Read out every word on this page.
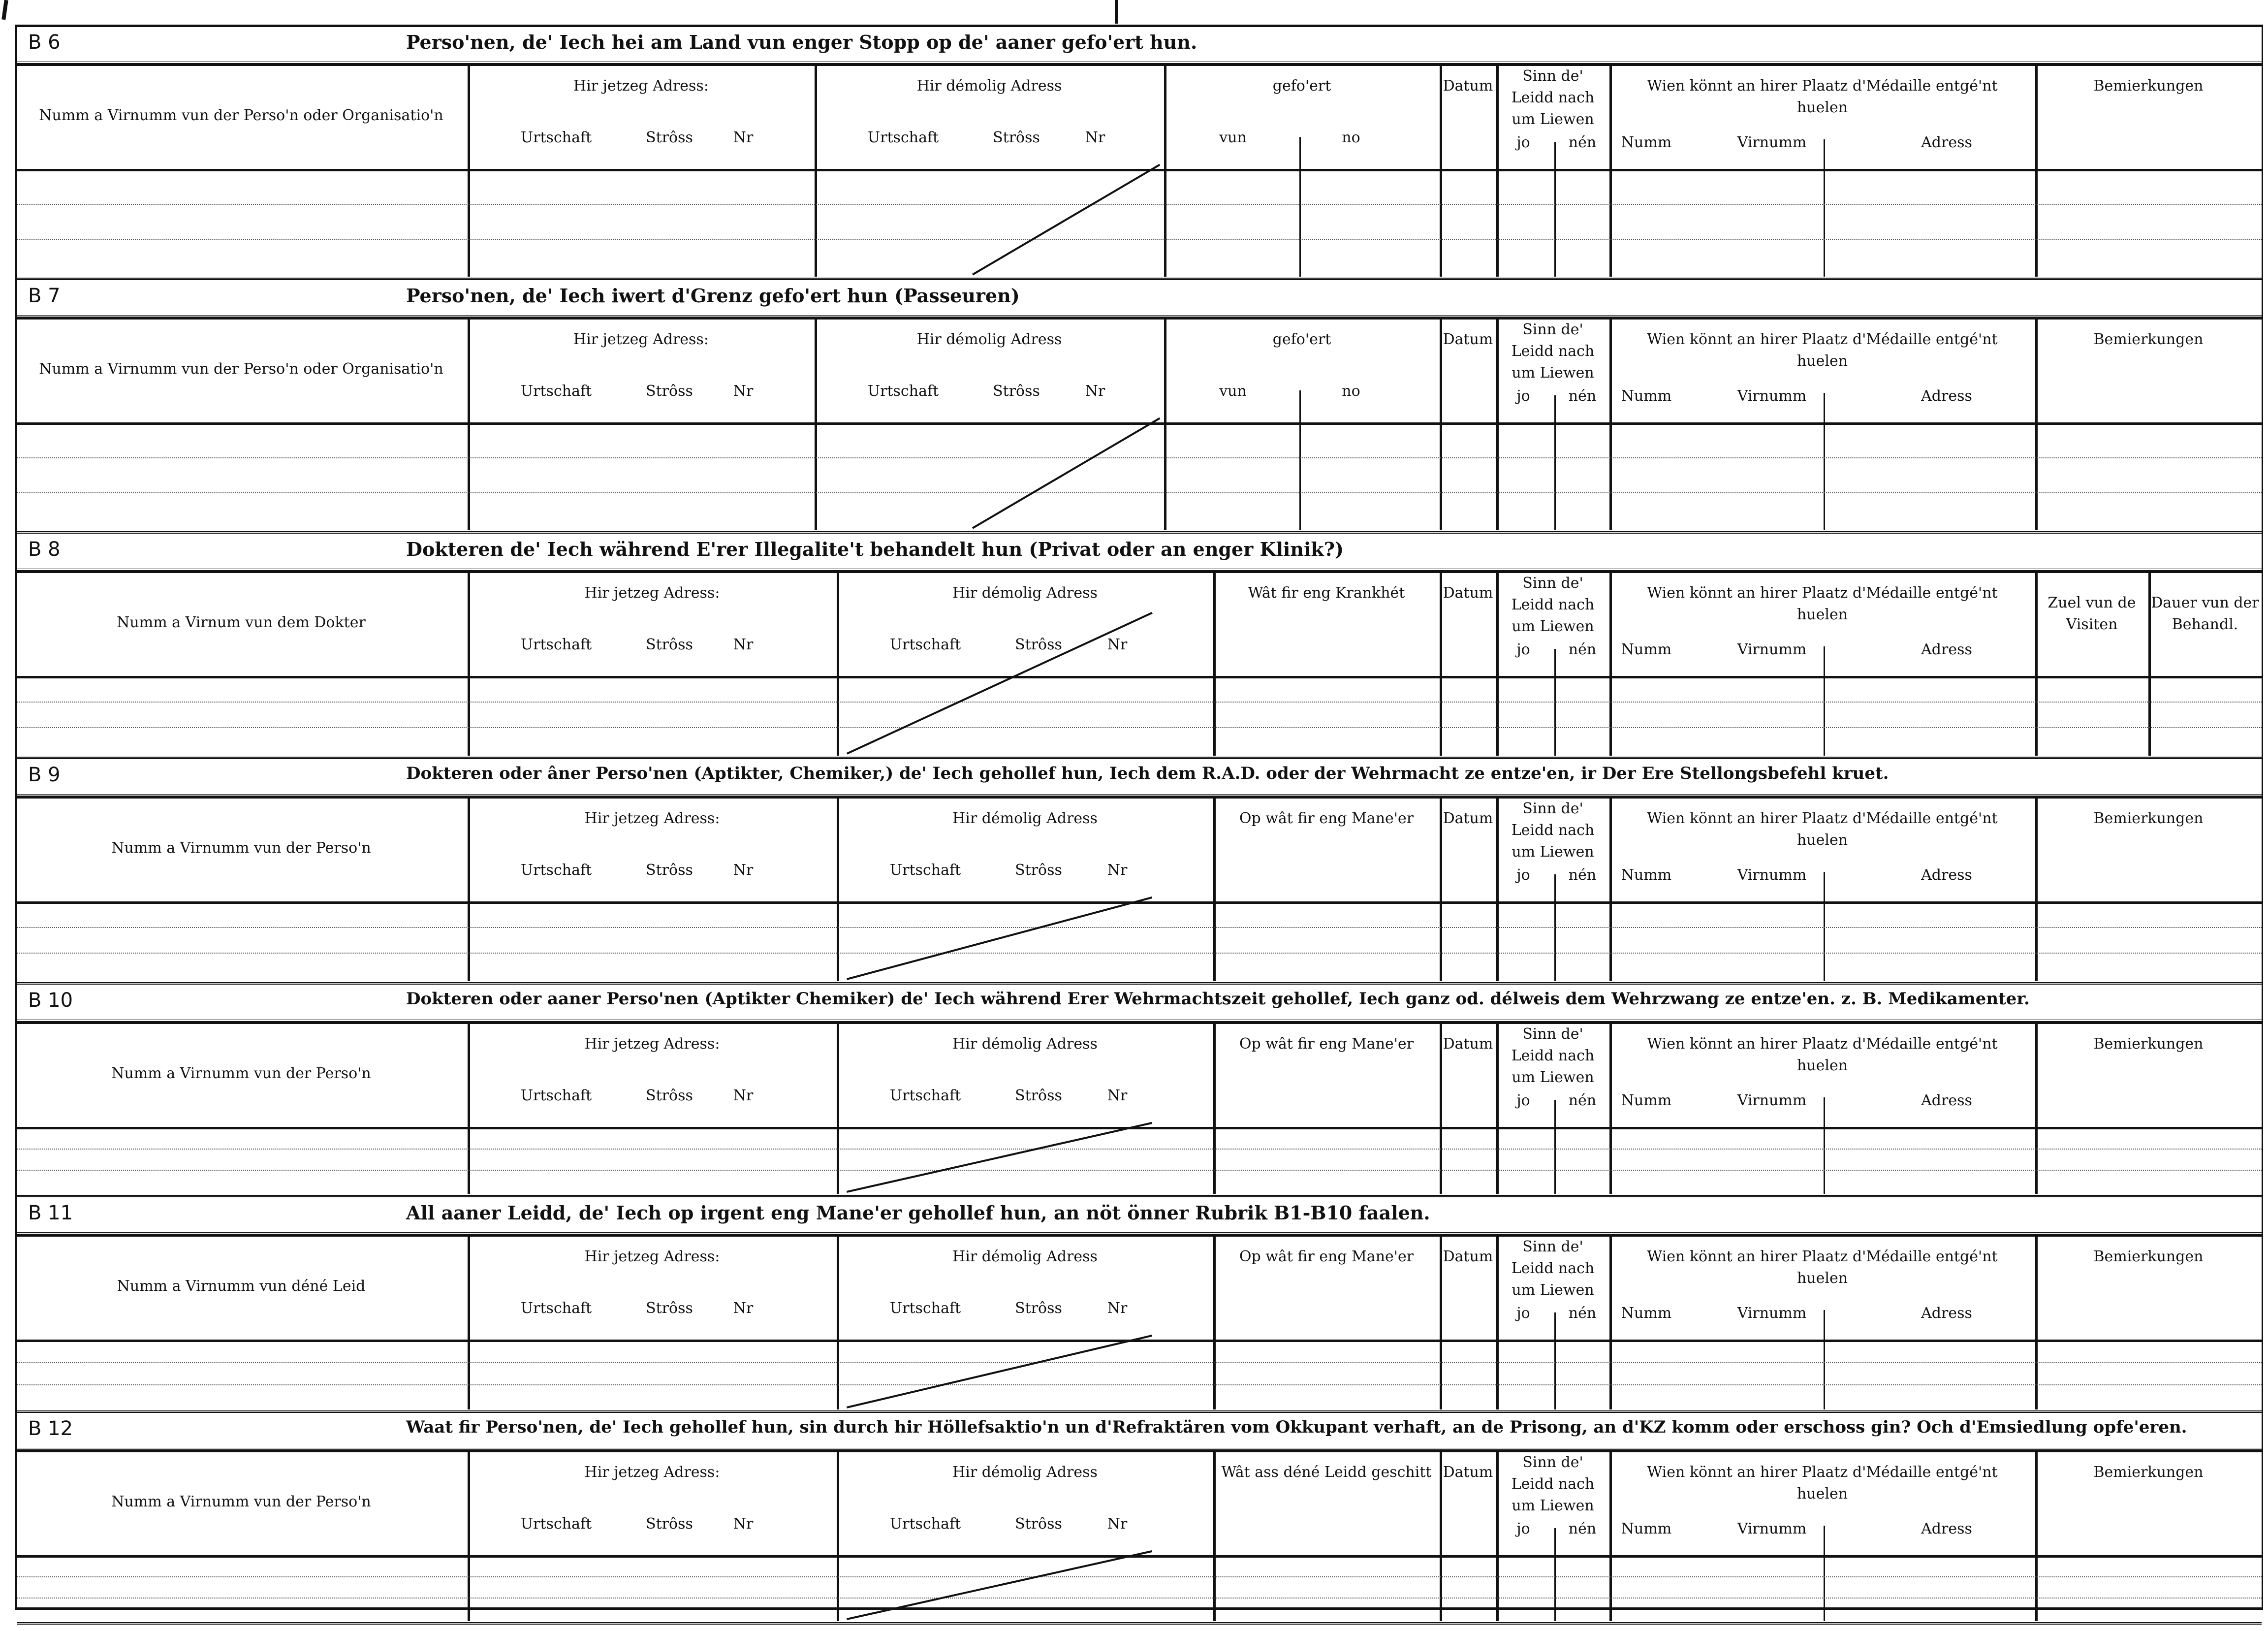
B 6	Perso'nen, de' Iech hei am Land vun enger Stopp op de' aaner gefo'ert hun.
Numm a Virnumm vun der Perso'n oder Organisatio'n
Hir jetzeg Adress:
Urtschaft	Strôss	Nr
Hir démolig Adress
Urtschaft	Strôss	Nr
gefo'ert
vun	no
Datum
Sinn de' Leidd nach um Liewen
jo	nén
Wien könnt an hirer Plaatz d'Médaille entgé'nt huelen
Numm	Virnumm	Adress
Bemierkungen
B 7	Perso'nen, de' Iech iwert d'Grenz gefo'ert hun (Passeuren)
Numm a Virnumm vun der Perso'n oder Organisatio'n
Hir jetzeg Adress:
Urtschaft	Strôss	Nr
Hir démolig Adress
Urtschaft	Strôss	Nr
gefo'ert
vun	no
Datum
Sinn de' Leidd nach um Liewen
jo	nén
Wien könnt an hirer Plaatz d'Médaille entgé'nt huelen
Numm	Virnumm	Adress
Bemierkungen
B 8	Dokteren de' Iech während E'rer Illegalite't behandelt hun (Privat oder an enger Klinik?)
Numm a Virnum vun dem Dokter
Hir jetzeg Adress:
Urtschaft	Strôss	Nr
Hir démolig Adress
Urtschaft	Strôss	Nr
Wât fir eng Krankhét	Datum
Sinn de' Leidd nach um Liewen
jo	nén
Wien könnt an hirer Plaatz d'Médaille entgé'nt huelen
Numm	Virnumm	Adress
Zuel vun de Visiten
Dauer vun der Behandl.
B 9	Dokteren oder âner Perso'nen (Aptikter, Chemiker,) de' Iech gehollef hun, Iech dem R.A.D. oder der Wehrmacht ze entze'en, ir Der Ere Stellongsbefehl kruet.
Numm a Virnumm vun der Perso'n
Hir jetzeg Adress:
Urtschaft	Strôss	Nr
Hir démolig Adress
Urtschaft	Strôss	Nr
Op wât fir eng Mane'er	Datum
Sinn de' Leidd nach um Liewen
jo	nén
Wien könnt an hirer Plaatz d'Médaille entgé'nt huelen
Numm	Virnumm	Adress
Bemierkungen
B 10	Dokteren oder aaner Perso'nen (Aptikter Chemiker) de' Iech während Erer Wehrmachtszeit gehollef, Iech ganz od. délweis dem Wehrzwang ze entze'en. z. B. Medikamenter.
Numm a Virnumm vun der Perso'n
Hir jetzeg Adress:
Urtschaft	Strôss	Nr
Hir démolig Adress
Urtschaft	Strôss	Nr
Op wât fir eng Mane'er	Datum
Sinn de' Leidd nach um Liewen
jo	nén
Wien könnt an hirer Plaatz d'Médaille entgé'nt huelen
Numm	Virnumm	Adress
Bemierkungen
B 11	All aaner Leidd, de' Iech op irgent eng Mane'er gehollef hun, an nöt önner Rubrik B1-B10 faalen.
Numm a Virnumm vun déné Leid
Hir jetzeg Adress:
Urtschaft	Strôss	Nr
Hir démolig Adress
Urtschaft	Strôss	Nr
Op wât fir eng Mane'er	Datum
Sinn de' Leidd nach um Liewen
jo	nén
Wien könnt an hirer Plaatz d'Médaille entgé'nt huelen
Numm	Virnumm	Adress
Bemierkungen
B 12	Waat fir Perso'nen, de' Iech gehollef hun, sin durch hir Höllefsaktio'n un d'Refraktären vom Okkupant verhaft, an de Prisong, an d'KZ komm oder erschoss gin? Och d'Emsiedlung opfe'eren.
Numm a Virnumm vun der Perso'n
Hir jetzeg Adress:
Urtschaft	Strôss	Nr
Hir démolig Adress
Urtschaft	Strôss	Nr
Wât ass déné Leidd geschitt Datum
Sinn de' Leidd nach um Liewen
jo	nén
Wien könnt an hirer Plaatz d'Médaille entgé'nt huelen
Numm	Virnumm	Adress
Bemierkungen
